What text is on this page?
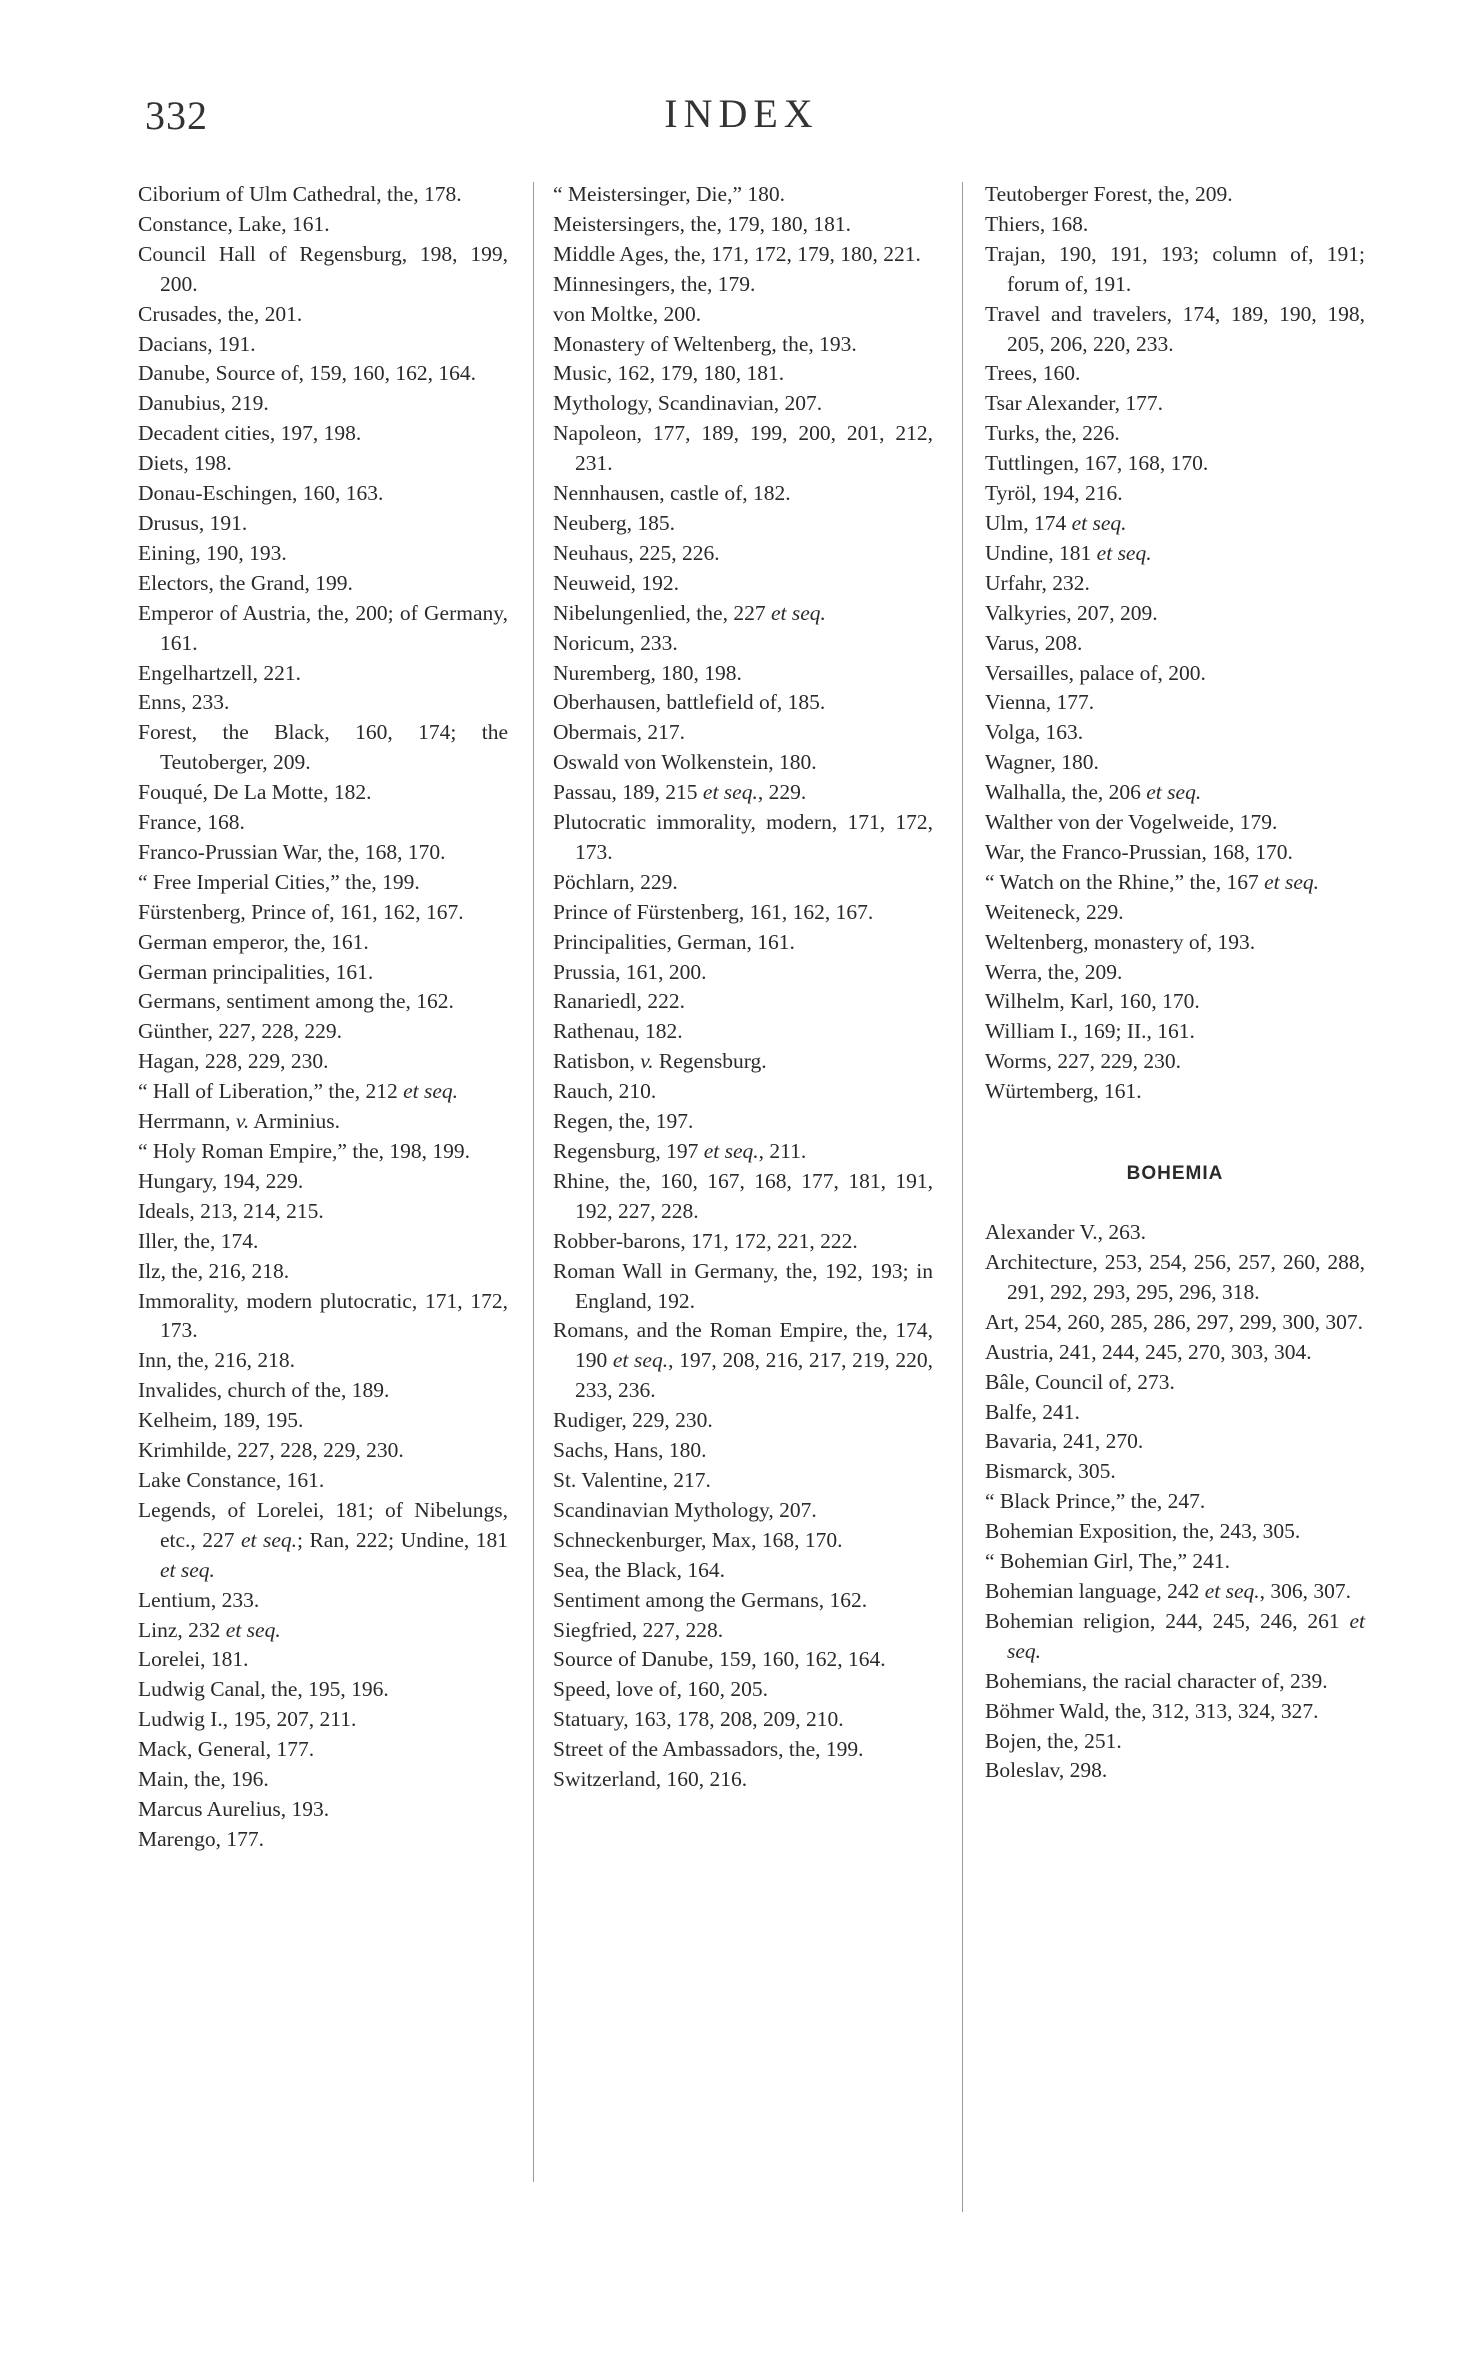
332	INDEX
Ciborium of Ulm Cathedral, the, 178.
Constance, Lake, 161.
Council Hall of Regensburg, 198, 199, 200.
Crusades, the, 201.
Dacians, 191.
Danube, Source of, 159, 160, 162, 164.
Danubius, 219.
Decadent cities, 197, 198.
Diets, 198.
Donau-Eschingen, 160, 163.
Drusus, 191.
Eining, 190, 193.
Electors, the Grand, 199.
Emperor of Austria, the, 200; of Germany, 161.
Engelhartzell, 221.
Enns, 233.
Forest, the Black, 160, 174; the Teutoberger, 209.
Fouqué, De La Motte, 182.
France, 168.
Franco-Prussian War, the, 168, 170.
“ Free Imperial Cities,” the, 199.
Fürstenberg, Prince of, 161, 162, 167.
German emperor, the, 161.
German principalities, 161.
Germans, sentiment among the, 162.
Günther, 227, 228, 229.
Hagan, 228, 229, 230.
“ Hall of Liberation,” the, 212 et seq.
Herrmann, v. Arminius.
“ Holy Roman Empire,” the, 198, 199.
Hungary, 194, 229.
Ideals, 213, 214, 215.
Iller, the, 174.
Ilz, the, 216, 218.
Immorality, modern plutocratic, 171, 172, 173.
Inn, the, 216, 218.
Invalides, church of the, 189.
Kelheim, 189, 195.
Krimhilde, 227, 228, 229, 230.
Lake Constance, 161.
Legends, of Lorelei, 181; of Nibelungs, etc., 227 et seq.; Ran, 222; Undine, 181 et seq.
Lentium, 233.
Linz, 232 et seq.
Lorelei, 181.
Ludwig Canal, the, 195, 196.
Ludwig I., 195, 207, 211.
Mack, General, 177.
Main, the, 196.
Marcus Aurelius, 193.
Marengo, 177.
“ Meistersinger, Die,” 180.
Meistersingers, the, 179, 180, 181.
Middle Ages, the, 171, 172, 179, 180, 221.
Minnesingers, the, 179.
von Moltke, 200.
Monastery of Weltenberg, the, 193.
Music, 162, 179, 180, 181.
Mythology, Scandinavian, 207.
Napoleon, 177, 189, 199, 200, 201, 212, 231.
Nennhausen, castle of, 182.
Neuberg, 185.
Neuhaus, 225, 226.
Neuweid, 192.
Nibelungenlied, the, 227 et seq.
Noricum, 233.
Nuremberg, 180, 198.
Oberhausen, battlefield of, 185.
Obermais, 217.
Oswald von Wolkenstein, 180.
Passau, 189, 215 et seq., 229.
Plutocratic immorality, modern, 171, 172, 173.
Pöchlarn, 229.
Prince of Fürstenberg, 161, 162, 167.
Principalities, German, 161.
Prussia, 161, 200.
Ranariedl, 222.
Rathenau, 182.
Ratisbon, v. Regensburg.
Rauch, 210.
Regen, the, 197.
Regensburg, 197 et seq., 211.
Rhine, the, 160, 167, 168, 177, 181, 191, 192, 227, 228.
Robber-barons, 171, 172, 221, 222.
Roman Wall in Germany, the, 192, 193; in England, 192.
Romans, and the Roman Empire, the, 174, 190 et seq., 197, 208, 216, 217, 219, 220, 233, 236.
Rudiger, 229, 230.
Sachs, Hans, 180.
St. Valentine, 217.
Scandinavian Mythology, 207.
Schneckenburger, Max, 168, 170.
Sea, the Black, 164.
Sentiment among the Germans, 162.
Siegfried, 227, 228.
Source of Danube, 159, 160, 162, 164.
Speed, love of, 160, 205.
Statuary, 163, 178, 208, 209, 210.
Street of the Ambassadors, the, 199.
Switzerland, 160, 216.
Teutoberger Forest, the, 209.
Thiers, 168.
Trajan, 190, 191, 193; column of, 191; forum of, 191.
Travel and travelers, 174, 189, 190, 198, 205, 206, 220, 233.
Trees, 160.
Tsar Alexander, 177.
Turks, the, 226.
Tuttlingen, 167, 168, 170.
Tyröl, 194, 216.
Ulm, 174 et seq.
Undine, 181 et seq.
Urfahr, 232.
Valkyries, 207, 209.
Varus, 208.
Versailles, palace of, 200.
Vienna, 177.
Volga, 163.
Wagner, 180.
Walhalla, the, 206 et seq.
Walther von der Vogelweide, 179.
War, the Franco-Prussian, 168, 170.
“ Watch on the Rhine,” the, 167 et seq.
Weiteneck, 229.
Weltenberg, monastery of, 193.
Werra, the, 209.
Wilhelm, Karl, 160, 170.
William I., 169; II., 161.
Worms, 227, 229, 230.
Würtemberg, 161.
BOHEMIA
Alexander V., 263.
Architecture, 253, 254, 256, 257, 260, 288, 291, 292, 293, 295, 296, 318.
Art, 254, 260, 285, 286, 297, 299, 300, 307.
Austria, 241, 244, 245, 270, 303, 304.
Bâle, Council of, 273.
Balfe, 241.
Bavaria, 241, 270.
Bismarck, 305.
“ Black Prince,” the, 247.
Bohemian Exposition, the, 243, 305.
“ Bohemian Girl, The,” 241.
Bohemian language, 242 et seq., 306, 307.
Bohemian religion, 244, 245, 246, 261 et seq.
Bohemians, the racial character of, 239.
Böhmer Wald, the, 312, 313, 324, 327.
Bojen, the, 251.
Boleslav, 298.
